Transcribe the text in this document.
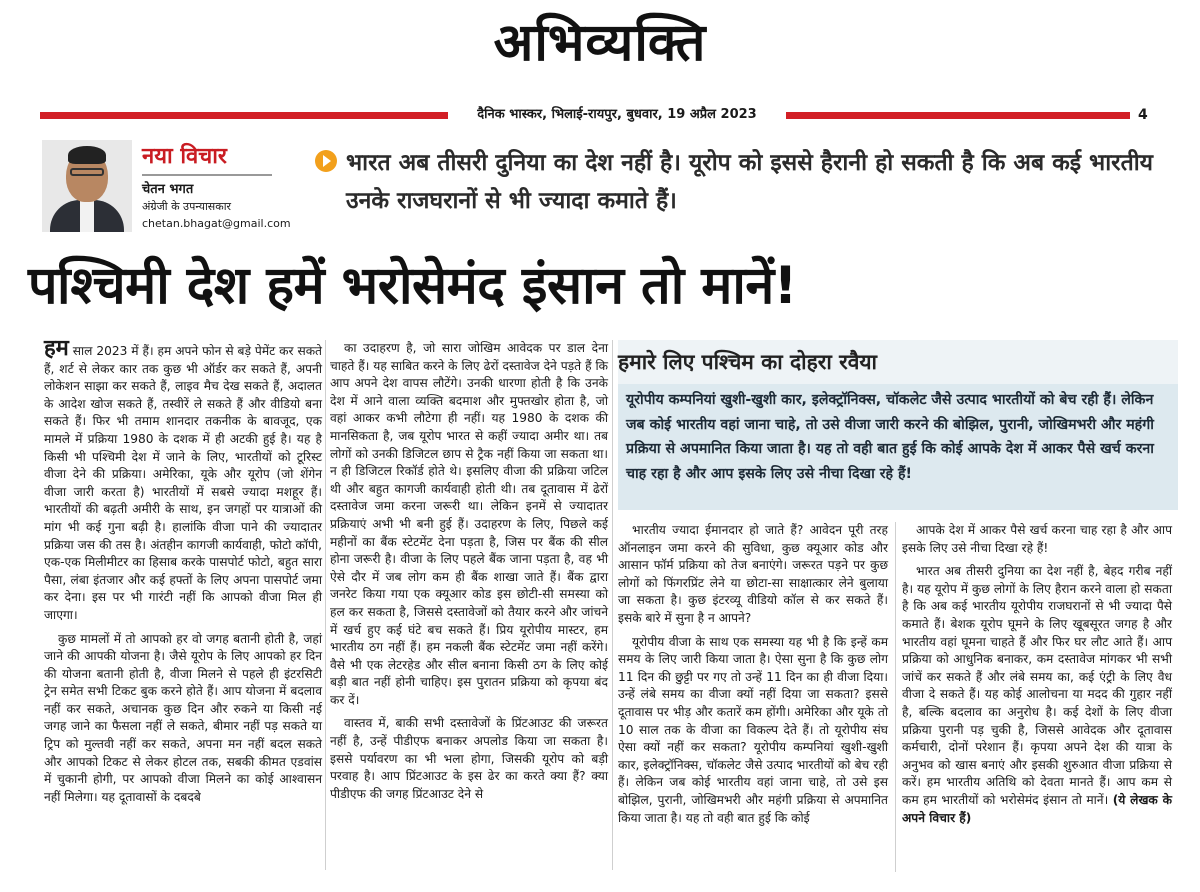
अभिव्यक्ति
दैनिक भास्कर, भिलाई-रायपुर, बुधवार, 19 अप्रैल 2023	4
नया विचार
चेतन भगत
अंग्रेजी के उपन्यासकार
chetan.bhagat@gmail.com
भारत अब तीसरी दुनिया का देश नहीं है। यूरोप को इससे हैरानी हो सकती है कि अब कई भारतीय उनके राजघरानों से भी ज्यादा कमाते हैं।
पश्चिमी देश हमें भरोसेमंद इंसान तो मानें!

हम साल 2023 में हैं। हम अपने फोन से बड़े पेमेंट कर सकते हैं, शर्ट से लेकर कार तक कुछ भी ऑर्डर कर सकते हैं, अपनी लोकेशन साझा कर सकते हैं, लाइव मैच देख सकते हैं, अदालत के आदेश खोज सकते हैं, तस्वीरें ले सकते हैं और वीडियो बना सकते हैं। फिर भी तमाम शानदार तकनीक के बावजूद, एक मामले में प्रक्रिया 1980 के दशक में ही अटकी हुई है। यह है किसी भी पश्चिमी देश में जाने के लिए, भारतीयों को टूरिस्ट वीजा देने की प्रक्रिया। अमेरिका, यूके और यूरोप (जो शेंगेन वीजा जारी करता है) भारतीयों में सबसे ज्यादा मशहूर हैं। भारतीयों की बढ़ती अमीरी के साथ, इन जगहों पर यात्राओं की मांग भी कई गुना बढ़ी है। हालांकि वीजा पाने की ज्यादातर प्रक्रिया जस की तस है। अंतहीन कागजी कार्यवाही, फोटो कॉपी, एक-एक मिलीमीटर का हिसाब करके पासपोर्ट फोटो, बहुत सारा पैसा, लंबा इंतजार और कई हफ्तों के लिए अपना पासपोर्ट जमा कर देना। इस पर भी गारंटी नहीं कि आपको वीजा मिल ही जाएगा।

कुछ मामलों में तो आपको हर वो जगह बतानी होती है, जहां जाने की आपकी योजना है। जैसे यूरोप के लिए आपको हर दिन की योजना बतानी होती है, वीजा मिलने से पहले ही इंटरसिटी ट्रेन समेत सभी टिकट बुक करने होते हैं। आप योजना में बदलाव नहीं कर सकते, अचानक कुछ दिन और रुकने या किसी नई जगह जाने का फैसला नहीं ले सकते, बीमार नहीं पड़ सकते या ट्रिप को मुल्तवी नहीं कर सकते, अपना मन नहीं बदल सकते और आपको टिकट से लेकर होटल तक, सबकी कीमत एडवांस में चुकानी होगी, पर आपको वीजा मिलने का कोई आश्वासन नहीं मिलेगा। यह दूतावासों के दबदबे

का उदाहरण है, जो सारा जोखिम आवेदक पर डाल देना चाहते हैं। यह साबित करने के लिए ढेरों दस्तावेज देने पड़ते हैं कि आप अपने देश वापस लौटेंगे। उनकी धारणा होती है कि उनके देश में आने वाला व्यक्ति बदमाश और मुफ्तखोर होता है, जो वहां आकर कभी लौटेगा ही नहीं। यह 1980 के दशक की मानसिकता है, जब यूरोप भारत से कहीं ज्यादा अमीर था। तब लोगों को उनकी डिजिटल छाप से ट्रैक नहीं किया जा सकता था। न ही डिजिटल रिकॉर्ड होते थे। इसलिए वीजा की प्रक्रिया जटिल थी और बहुत कागजी कार्यवाही होती थी। तब दूतावास में ढेरों दस्तावेज जमा करना जरूरी था। लेकिन इनमें से ज्यादातर प्रक्रियाएं अभी भी बनी हुई हैं। उदाहरण के लिए, पिछले कई महीनों का बैंक स्टेटमेंट देना पड़ता है, जिस पर बैंक की सील होना जरूरी है। वीजा के लिए पहले बैंक जाना पड़ता है, वह भी ऐसे दौर में जब लोग कम ही बैंक शाखा जाते हैं। बैंक द्वारा जनरेट किया गया एक क्यूआर कोड इस छोटी-सी समस्या को हल कर सकता है, जिससे दस्तावेजों को तैयार करने और जांचने में खर्च हुए कई घंटे बच सकते हैं। प्रिय यूरोपीय मास्टर, हम भारतीय ठग नहीं हैं। हम नकली बैंक स्टेटमेंट जमा नहीं करेंगे। वैसे भी एक लेटरहेड और सील बनाना किसी ठग के लिए कोई बड़ी बात नहीं होनी चाहिए। इस पुरातन प्रक्रिया को कृपया बंद कर दें।

वास्तव में, बाकी सभी दस्तावेजों के प्रिंटआउट की जरूरत नहीं है, उन्हें पीडीएफ बनाकर अपलोड किया जा सकता है। इससे पर्यावरण का भी भला होगा, जिसकी यूरोप को बड़ी परवाह है। आप प्रिंटआउट के इस ढेर का करते क्या हैं? क्या पीडीएफ की जगह प्रिंटआउट देने से

हमारे लिए पश्चिम का दोहरा रवैया
यूरोपीय कम्पनियां खुशी-खुशी कार, इलेक्ट्रॉनिक्स, चॉकलेट जैसे उत्पाद भारतीयों को बेच रही हैं। लेकिन जब कोई भारतीय वहां जाना चाहे, तो उसे वीजा जारी करने की बोझिल, पुरानी, जोखिमभरी और महंगी प्रक्रिया से अपमानित किया जाता है। यह तो वही बात हुई कि कोई आपके देश में आकर पैसे खर्च करना चाह रहा है और आप इसके लिए उसे नीचा दिखा रहे हैं!

भारतीय ज्यादा ईमानदार हो जाते हैं? आवेदन पूरी तरह ऑनलाइन जमा करने की सुविधा, कुछ क्यूआर कोड और आसान फॉर्म प्रक्रिया को तेज बनाएंगे। जरूरत पड़ने पर कुछ लोगों को फिंगरप्रिंट लेने या छोटा-सा साक्षात्कार लेने बुलाया जा सकता है। कुछ इंटरव्यू वीडियो कॉल से कर सकते हैं। इसके बारे में सुना है न आपने?

यूरोपीय वीजा के साथ एक समस्या यह भी है कि इन्हें कम समय के लिए जारी किया जाता है। ऐसा सुना है कि कुछ लोग 11 दिन की छुट्टी पर गए तो उन्हें 11 दिन का ही वीजा दिया। उन्हें लंबे समय का वीजा क्यों नहीं दिया जा सकता? इससे दूतावास पर भीड़ और कतारें कम होंगी। अमेरिका और यूके तो 10 साल तक के वीजा का विकल्प देते हैं। तो यूरोपीय संघ ऐसा क्यों नहीं कर सकता? यूरोपीय कम्पनियां खुशी-खुशी कार, इलेक्ट्रॉनिक्स, चॉकलेट जैसे उत्पाद भारतीयों को बेच रही हैं। लेकिन जब कोई भारतीय वहां जाना चाहे, तो उसे इस बोझिल, पुरानी, जोखिमभरी और महंगी प्रक्रिया से अपमानित किया जाता है। यह तो वही बात हुई कि कोई

आपके देश में आकर पैसे खर्च करना चाह रहा है और आप इसके लिए उसे नीचा दिखा रहे हैं!

भारत अब तीसरी दुनिया का देश नहीं है, बेहद गरीब नहीं है। यह यूरोप में कुछ लोगों के लिए हैरान करने वाला हो सकता है कि अब कई भारतीय यूरोपीय राजघरानों से भी ज्यादा पैसे कमाते हैं। बेशक यूरोप घूमने के लिए खूबसूरत जगह है और भारतीय वहां घूमना चाहते हैं और फिर घर लौट आते हैं। आप प्रक्रिया को आधुनिक बनाकर, कम दस्तावेज मांगकर भी सभी जांचें कर सकते हैं और लंबे समय का, कई एंट्री के लिए वैध वीजा दे सकते हैं। यह कोई आलोचना या मदद की गुहार नहीं है, बल्कि बदलाव का अनुरोध है। कई देशों के लिए वीजा प्रक्रिया पुरानी पड़ चुकी है, जिससे आवेदक और दूतावास कर्मचारी, दोनों परेशान हैं। कृपया अपने देश की यात्रा के अनुभव को खास बनाएं और इसकी शुरुआत वीजा प्रक्रिया से करें। हम भारतीय अतिथि को देवता मानते हैं। आप कम से कम हम भारतीयों को भरोसेमंद इंसान तो मानें। (ये लेखक के अपने विचार हैं)
